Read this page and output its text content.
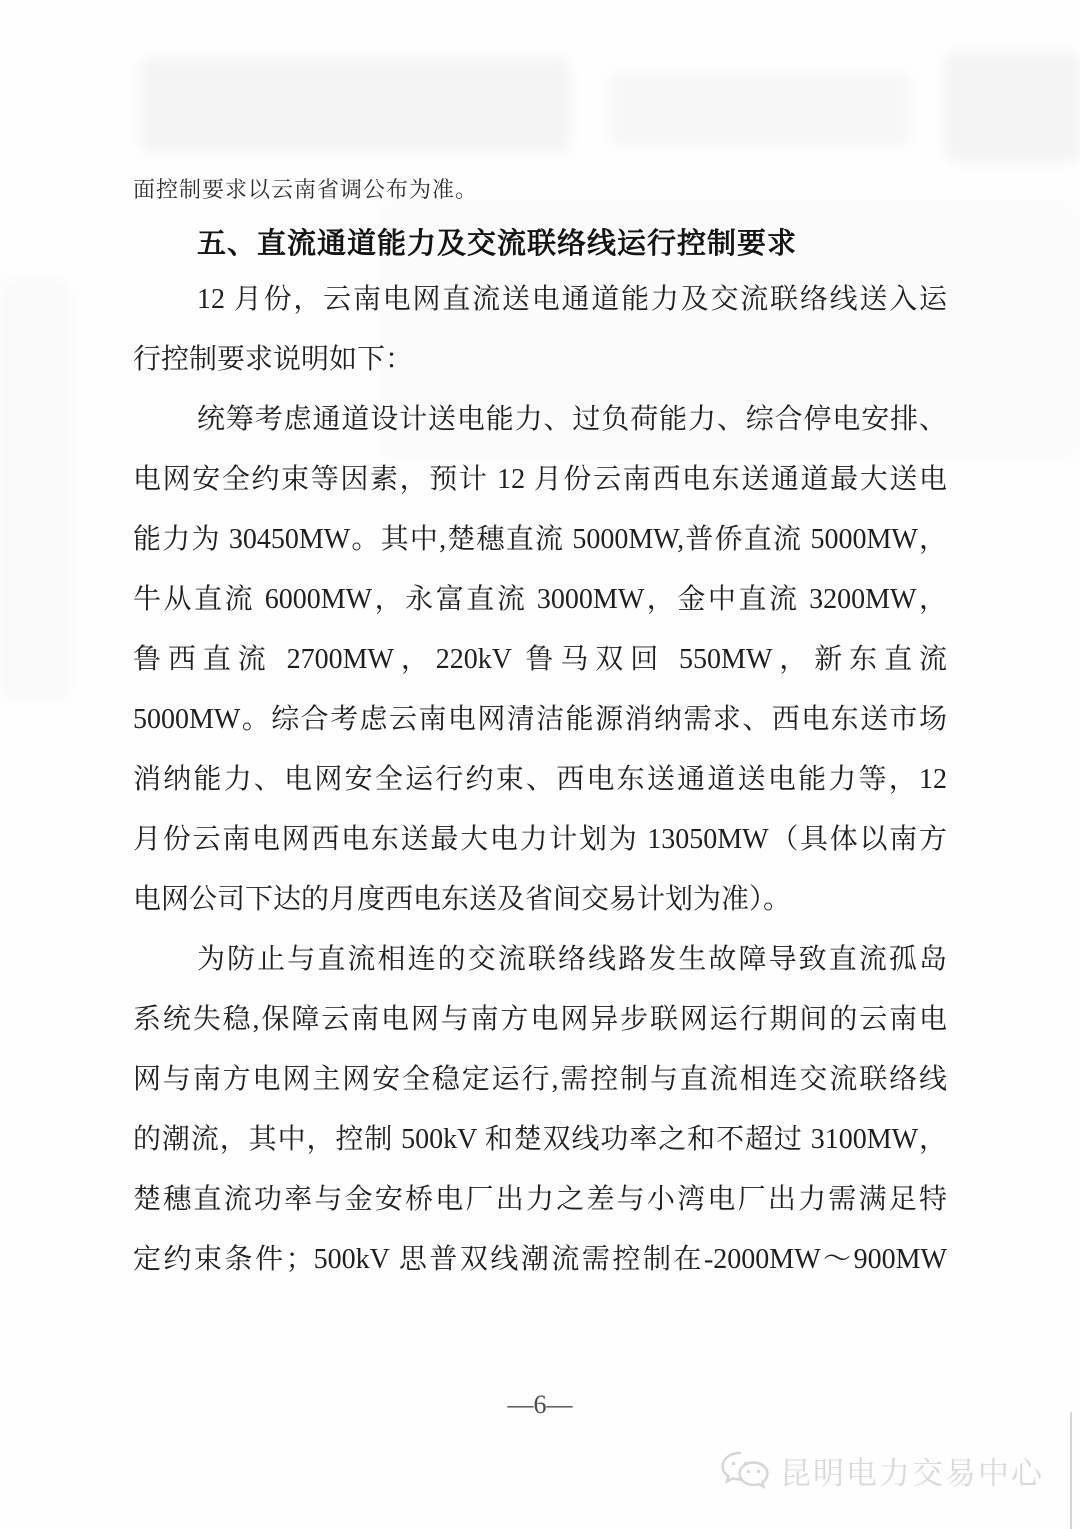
面控制要求以云南省调公布为准。
五、直流通道能力及交流联络线运行控制要求
12 月份，云南电网直流送电通道能力及交流联络线送入运
行控制要求说明如下：
统筹考虑通道设计送电能力、过负荷能力、综合停电安排、
电网安全约束等因素，预计 12 月份云南西电东送通道最大送电
能力为 30450MW。其中,楚穗直流 5000MW,普侨直流 5000MW，
牛从直流 6000MW，永富直流 3000MW，金中直流 3200MW，
鲁西直流 2700MW，220kV 鲁马双回 550MW，新东直流
5000MW。综合考虑云南电网清洁能源消纳需求、西电东送市场
消纳能力、电网安全运行约束、西电东送通道送电能力等，12
月份云南电网西电东送最大电力计划为 13050MW（具体以南方
电网公司下达的月度西电东送及省间交易计划为准）。
为防止与直流相连的交流联络线路发生故障导致直流孤岛
系统失稳,保障云南电网与南方电网异步联网运行期间的云南电
网与南方电网主网安全稳定运行,需控制与直流相连交流联络线
的潮流，其中，控制 500kV 和楚双线功率之和不超过 3100MW，
楚穗直流功率与金安桥电厂出力之差与小湾电厂出力需满足特
定约束条件；500kV 思普双线潮流需控制在-2000MW～900MW
—6—
昆明电力交易中心
